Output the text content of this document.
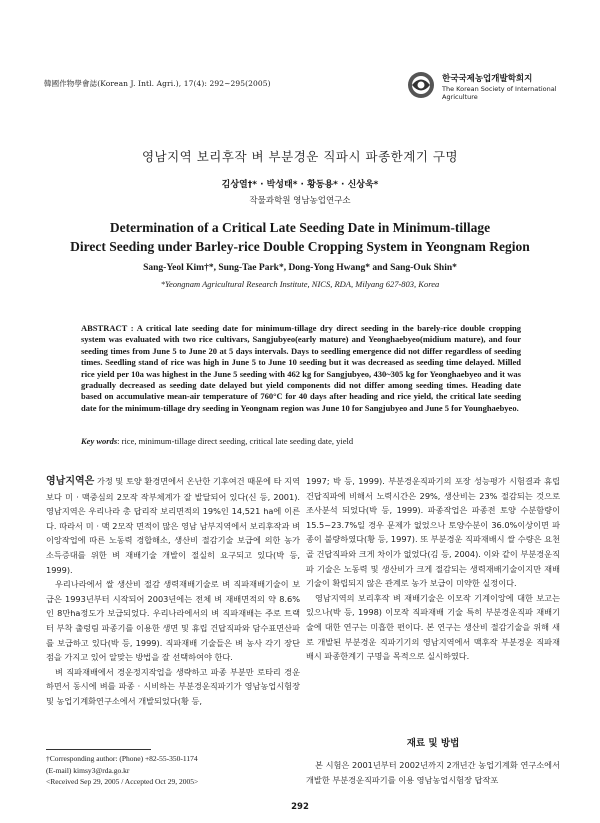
韓國作物學會誌(Korean J. Intl. Agri.), 17(4): 292~295(2005)	한국국제농업개발학회지
The Korean Society of International
Agriculture
영남지역 보리후작 벼 부분경운 직파시 파종한계기 구명
김상열†* · 박성태* · 황동용* · 신상욱*
작물과학원 영남농업연구소
Determination of a Critical Late Seeding Date in Minimum-tillage
Direct Seeding under Barley-rice Double Cropping System in Yeongnam Region
Sang-Yeol Kim†*, Sung-Tae Park*, Dong-Yong Hwang* and Sang-Ouk Shin*
*Yeongnam Agricultural Research Institute, NICS, RDA, Milyang 627-803, Korea
ABSTRACT : A critical late seeding date for minimum-tillage dry direct seeding in the barely-rice double cropping system was evaluated with two rice cultivars, Sangjubyeo(early mature) and Yeonghaebyeo(midium mature), and four seeding times from June 5 to June 20 at 5 days intervals. Days to seedling emergence did not differ regardless of seeding times. Seedling stand of rice was high in June 5 to June 10 seeding but it was decreased as seeding time delayed. Milled rice yield per 10a was highest in the June 5 seeding with 462 kg for Sangjubyeo, 430~305 kg for Yeonghaebyeo and it was gradually decreased as seeding date delayed but yield components did not differ among seeding times. Heading date based on accumulative mean-air temperature of 760°C for 40 days after heading and rice yield, the critical late seeding date for the minimum-tillage dry seeding in Yeongnam region was June 10 for Sangjubyeo and June 5 for Younghaebyeo.
Key words: rice, minimum-tillage direct seeding, critical late seeding date, yield

영남지역은 가정 및 토양 환경면에서 온난한 기후여건 때문에 타 지역보다 미 · 맥중심의 2모작 작부체계가 잘 발달되어 있다(신 등, 2001). 영남지역은 우리나라 총 답리작 보리면적의 19%인 14,521 ha에 이른다. 따라서 미 · 맥 2모작 면적이 많은 영남 남부지역에서 보리후작과 벼 이앙작업에 따른 노동력 경합해소, 생산비 절감기술 보급에 의한 농가 소득증대를 위한 벼 재배기술 개발이 절실히 요구되고 있다(박 등, 1999).

우리나라에서 쌀 생산비 절감 생력재배기술로 벼 직파재배기술이 보급은 1993년부터 시작되어 2003년에는 전체 벼 재배면적의 약 8.6%인 8만ha정도가 보급되었다. 우리나라에서의 벼 직파재배는 주로 트랙터 부착 출렁림 파종기를 이용한 생면 및 휴립 건답직파와 담수표면산파를 보급하고 있다(박 등, 1999). 직파재배 기술들은 벼 농사 각기 장단점을 가지고 있어 알맞는 방법을 잘 선택하여야 한다.

벼 직파재배에서 경운정지작업을 생략하고 파종 부분만 로타리 경운하면서 동시에 벼를 파종 · 시비하는 부분경운직파기가 영남농업시험장 및 농업기계화연구소에서 개발되었다(황 등,

1997; 박 등, 1999). 부분경운직파기의 포장 성능평가 시험결과 휴립건답직파에 비해서 노력시간은 29%, 생산비는 23% 절감되는 것으로 조사분석 되었다(박 등, 1999). 파종작업은 파종전 토양 수분함량이 15.5~23.7%일 경우 문제가 없었으나 토양수분이 36.0%이상이면 파종이 불량하였다(황 등, 1997). 또 부분경운 직파재배시 쌀 수량은 요천골 건답직파와 크게 차이가 없었다(김 등, 2004). 이와 같이 부분경운직파 기술은 노동력 및 생산비가 크게 절감되는 생력재배기술이지만 재배기술이 확립되지 않은 관계로 농가 보급이 미약한 실정이다.

영남지역의 보리후작 벼 재배기술은 이모작 기계이앙에 대한 보고는 있으나(박 등, 1998) 이모작 직파재배 기술 특히 부분경운직파 재배기술에 대한 연구는 미흡한 편이다. 본 연구는 생산비 절감기술을 위해 새로 개발된 부분경운 직파기기의 영남지역에서 맥후작 부분경운 직파재배시 파종한계기 구명을 목적으로 실시하였다.

재료 및 방법

본 시험은 2001년부터 2002년까지 2개년간 농업기계화 연구소에서 개발한 부분경운직파기를 이용 영남농업시험장 답작포

†Corresponding author: (Phone) +82-55-350-1174
(E-mail) kimsy3@rda.go.kr
<Received Sep 29, 2005 / Accepted Oct 29, 2005>
292
